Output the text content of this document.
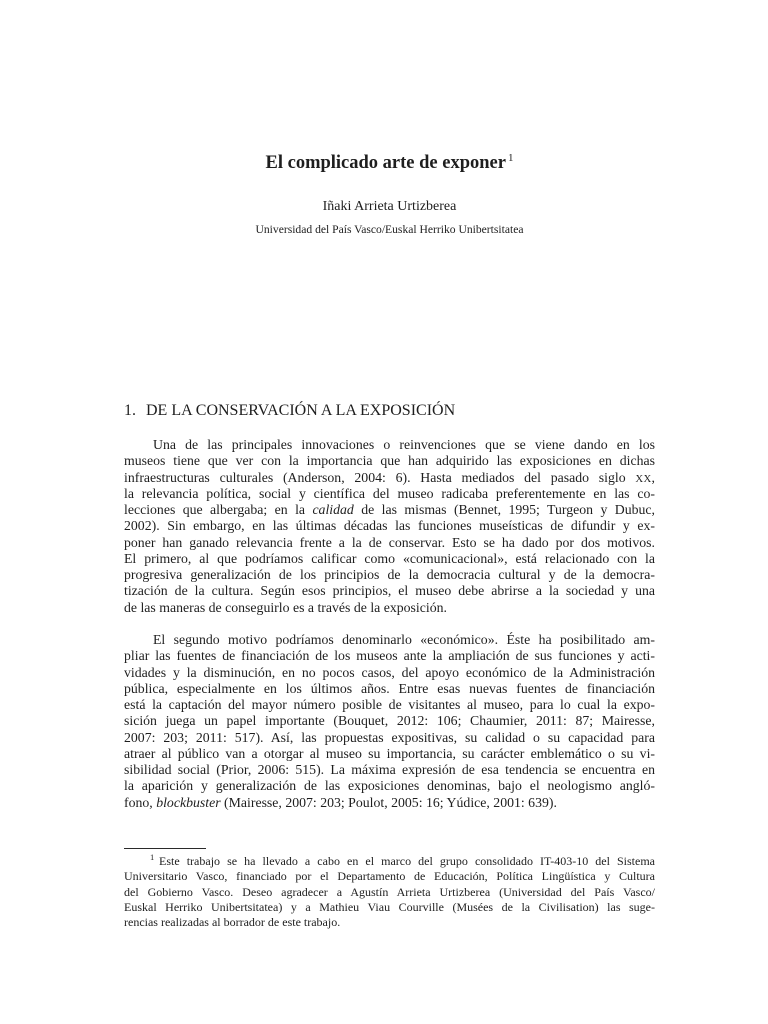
El complicado arte de exponer $^1$
Iñaki Arrieta Urtizberea
Universidad del País Vasco/Euskal Herriko Unibertsitatea
1. DE LA CONSERVACIÓN A LA EXPOSICIÓN
Una de las principales innovaciones o reinvenciones que se viene dando en los
museos tiene que ver con la importancia que han adquirido las exposiciones en dichas
infraestructuras culturales (Anderson, 2004: 6). Hasta mediados del pasado siglo XX,
la relevancia política, social y científica del museo radicaba preferentemente en las co-
lecciones que albergaba; en la calidad de las mismas (Bennet, 1995; Turgeon y Dubuc,
2002). Sin embargo, en las últimas décadas las funciones museísticas de difundir y ex-
poner han ganado relevancia frente a la de conservar. Esto se ha dado por dos motivos.
El primero, al que podríamos calificar como «comunicacional», está relacionado con la
progresiva generalización de los principios de la democracia cultural y de la democra-
tización de la cultura. Según esos principios, el museo debe abrirse a la sociedad y una
de las maneras de conseguirlo es a través de la exposición.
El segundo motivo podríamos denominarlo «económico». Éste ha posibilitado am-
pliar las fuentes de financiación de los museos ante la ampliación de sus funciones y acti-
vidades y la disminución, en no pocos casos, del apoyo económico de la Administración
pública, especialmente en los últimos años. Entre esas nuevas fuentes de financiación
está la captación del mayor número posible de visitantes al museo, para lo cual la expo-
sición juega un papel importante (Bouquet, 2012: 106; Chaumier, 2011: 87; Mairesse,
2007: 203; 2011: 517). Así, las propuestas expositivas, su calidad o su capacidad para
atraer al público van a otorgar al museo su importancia, su carácter emblemático o su vi-
sibilidad social (Prior, 2006: 515). La máxima expresión de esa tendencia se encuentra en
la aparición y generalización de las exposiciones denominas, bajo el neologismo angló-
fono, blockbuster (Mairesse, 2007: 203; Poulot, 2005: 16; Yúdice, 2001: 639).
1 Este trabajo se ha llevado a cabo en el marco del grupo consolidado IT-403-10 del Sistema
Universitario Vasco, financiado por el Departamento de Educación, Política Lingüística y Cultura
del Gobierno Vasco. Deseo agradecer a Agustín Arrieta Urtizberea (Universidad del País Vasco/
Euskal Herriko Unibertsitatea) y a Mathieu Viau Courville (Musées de la Civilisation) las suge-
rencias realizadas al borrador de este trabajo.
